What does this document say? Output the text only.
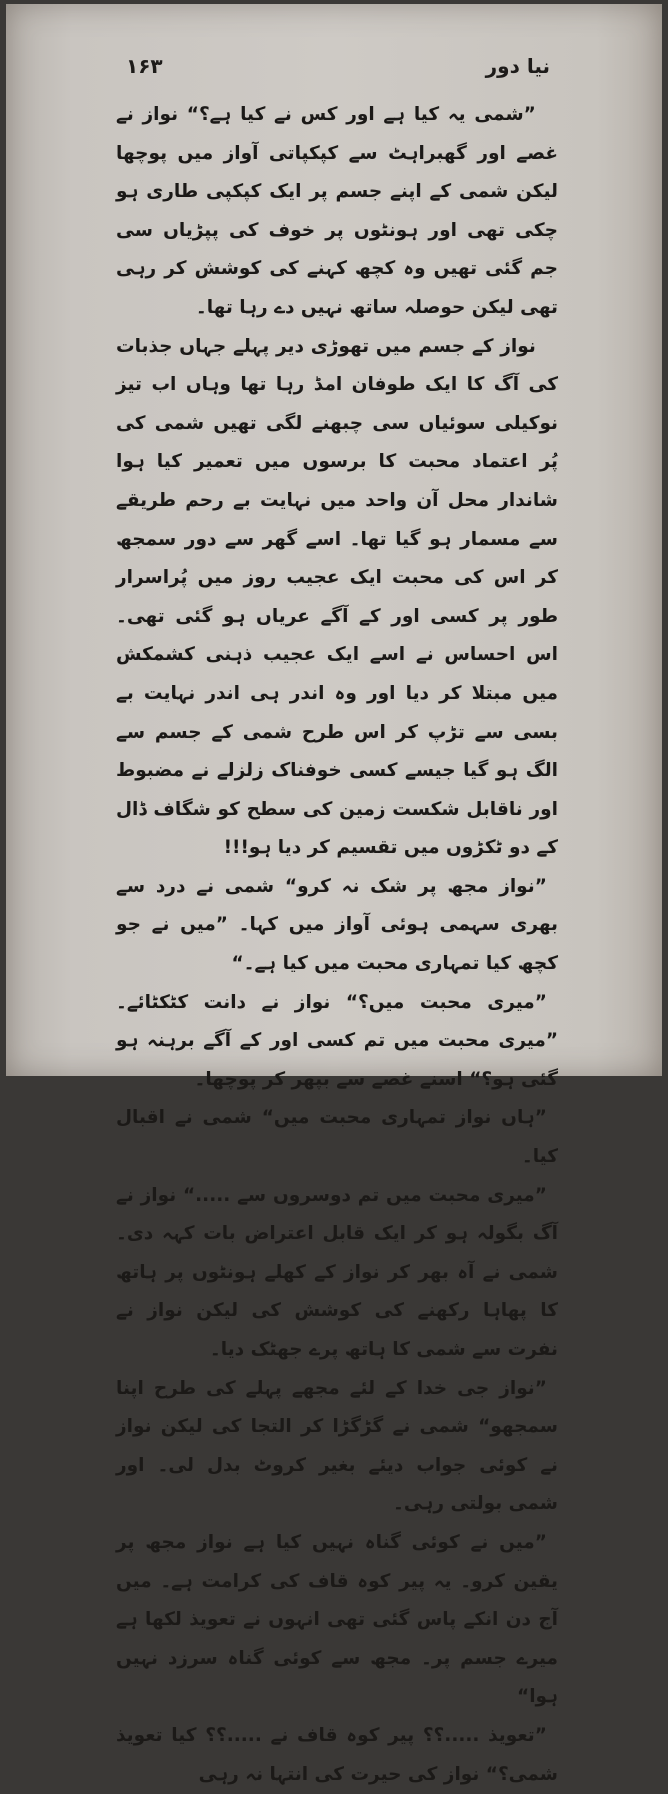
۱۶۳	نیا دور

”شمی یہ کیا ہے اور کس نے کیا ہے؟“ نواز نے غصے اور گھبراہٹ سے کپکپاتی آواز میں پوچھا لیکن شمی کے اپنے جسم پر ایک کپکپی طاری ہو چکی تھی اور ہونٹوں پر خوف کی پپڑیاں سی جم گئی تھیں وہ کچھ کہنے کی کوشش کر رہی تھی لیکن حوصلہ ساتھ نہیں دے رہا تھا۔

نواز کے جسم میں تھوڑی دیر پہلے جہاں جذبات کی آگ کا ایک طوفان امڈ رہا تھا وہاں اب تیز نوکیلی سوئیاں سی چبھنے لگی تھیں شمی کی پُر اعتماد محبت کا برسوں میں تعمیر کیا ہوا شاندار محل آن واحد میں نہایت بے رحم طریقے سے مسمار ہو گیا تھا۔ اسے گھر سے دور سمجھ کر اس کی محبت ایک عجیب روز میں پُراسرار طور پر کسی اور کے آگے عریاں ہو گئی تھی۔ اس احساس نے اسے ایک عجیب ذہنی کشمکش میں مبتلا کر دیا اور وہ اندر ہی اندر نہایت بے بسی سے تڑپ کر اس طرح شمی کے جسم سے الگ ہو گیا جیسے کسی خوفناک زلزلے نے مضبوط اور ناقابل شکست زمین کی سطح کو شگاف ڈال کے دو ٹکڑوں میں تقسیم کر دیا ہو!!!

”نواز مجھ پر شک نہ کرو“ شمی نے درد سے بھری سہمی ہوئی آواز میں کہا۔ ”میں نے جو کچھ کیا تمہاری محبت میں کیا ہے۔“

”میری محبت میں؟“ نواز نے دانت کٹکٹائے۔ ”میری محبت میں تم کسی اور کے آگے برہنہ ہو گئی ہو؟“ اسنے غصے سے بپھر کر پوچھا۔

”ہاں نواز تمہاری محبت میں“ شمی نے اقبال کیا۔

”میری محبت میں تم دوسروں سے .....“ نواز نے آگ بگولہ ہو کر ایک قابل اعتراض بات کہہ دی۔ شمی نے آہ بھر کر نواز کے کھلے ہونٹوں پر ہاتھ کا پھاہا رکھنے کی کوشش کی لیکن نواز نے نفرت سے شمی کا ہاتھ پرے جھٹک دیا۔

”نواز جی خدا کے لئے مجھے پہلے کی طرح اپنا سمجھو“ شمی نے گڑگڑا کر التجا کی لیکن نواز نے کوئی جواب دیئے بغیر کروٹ بدل لی۔ اور شمی بولتی رہی۔

”میں نے کوئی گناہ نہیں کیا ہے نواز مجھ پر یقین کرو۔ یہ پیر کوہ قاف کی کرامت ہے۔ میں آج دن انکے پاس گئی تھی انہوں نے تعویذ لکھا ہے میرے جسم پر۔ مجھ سے کوئی گناہ سرزد نہیں ہوا“

”تعویذ .....؟؟ پیر کوہ قاف نے .....؟؟ کیا تعویذ شمی؟“ نواز کی حیرت کی انتہا نہ رہی
